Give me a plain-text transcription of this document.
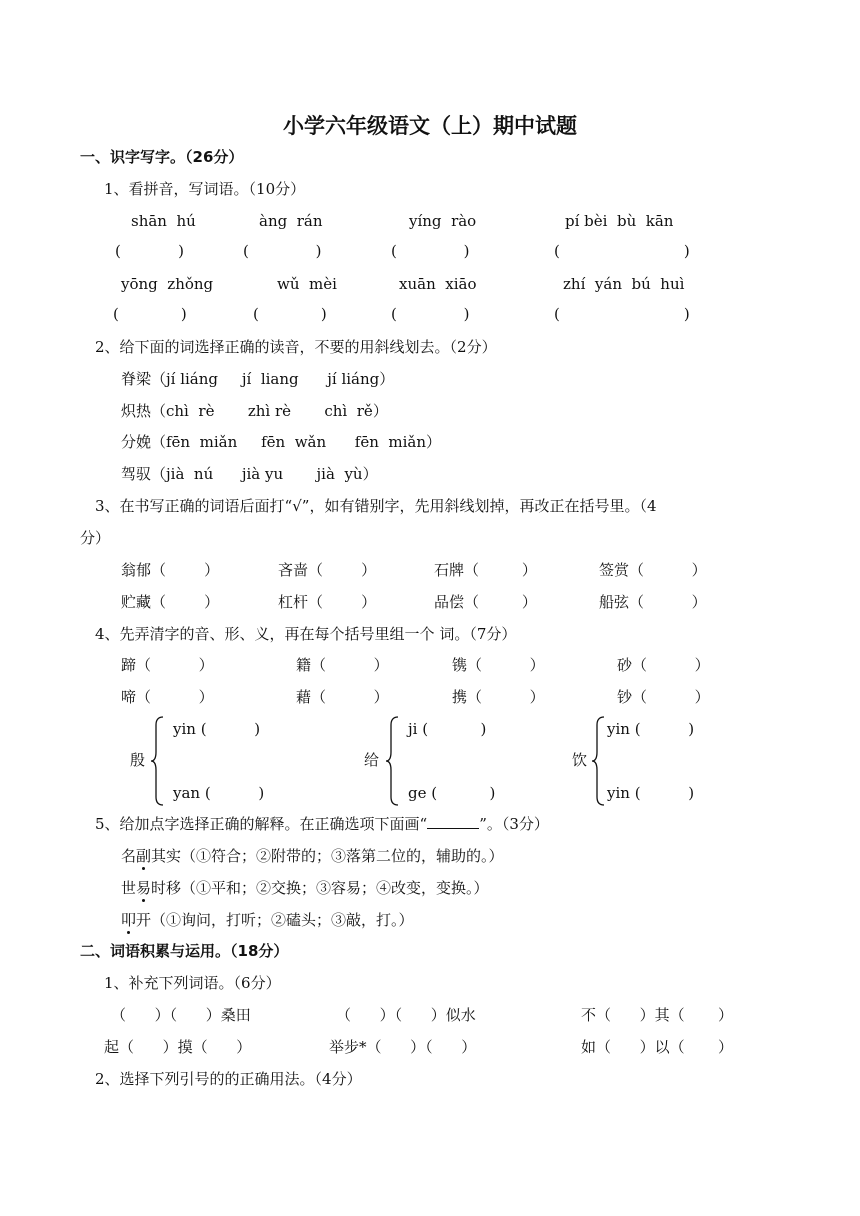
小学六年级语文（上）期中试题
一、识字写字。（26分）
1、看拼音，写词语。（10分）
shān  hú	àng  rán	yíng  rào	pí bèi  bù  kān
(            )	(              )	(              )	(                          )
yōng  zhǒng	wǔ  mèi	xuān  xiāo	zhí  yán  bú  huì
(             )	(             )	(              )	(                          )
2、给下面的词选择正确的读音，不要的用斜线划去。（2分）
脊梁（jí liáng     jí  liang      jí liáng）
炽热（chì  rè       zhì rè       chì  rě）
分娩（fēn  miǎn     fēn  wǎn      fēn  miǎn）
驾驭（jià  nú      jià yu       jià  yù）
3、在书写正确的词语后面打“√”，如有错别字，先用斜线划掉，再改正在括号里。（4
分）
翁郁（        ）	吝啬（        ）	石牌（         ）	签赏（          ）
贮藏（        ）	杠杆（        ）	品偿（         ）	船弦（          ）
4、先弄清字的音、形、义，再在每个括号里组一个 词。（7分）
蹄（          ）	籍（          ）	镌（          ）	砂（          ）
啼（          ）	藉（          ）	携（          ）	钞（          ）
殷
yin (          )
yan (          )
给
ji (           )
ge (           )
饮
yin (          )
yin (          )
5、给加点字选择正确的解释。在正确选项下面画“	”。（3分）
名副其实（①符合；②附带的；③落第二位的，辅助的。）
世易时移（①平和；②交换；③容易；④改变，变换。）
叩开（①询问，打听；②磕头；③敲，打。）
二、词语积累与运用。（18分）
1、补充下列词语。（6分）
（      ）（      ）桑田	（      ）（      ）似水	不（      ）其（       ）
起（      ）摸（      ）	举步*（      ）（      ）	如（      ）以（       ）
2、选择下列引号的的正确用法。（4分）
